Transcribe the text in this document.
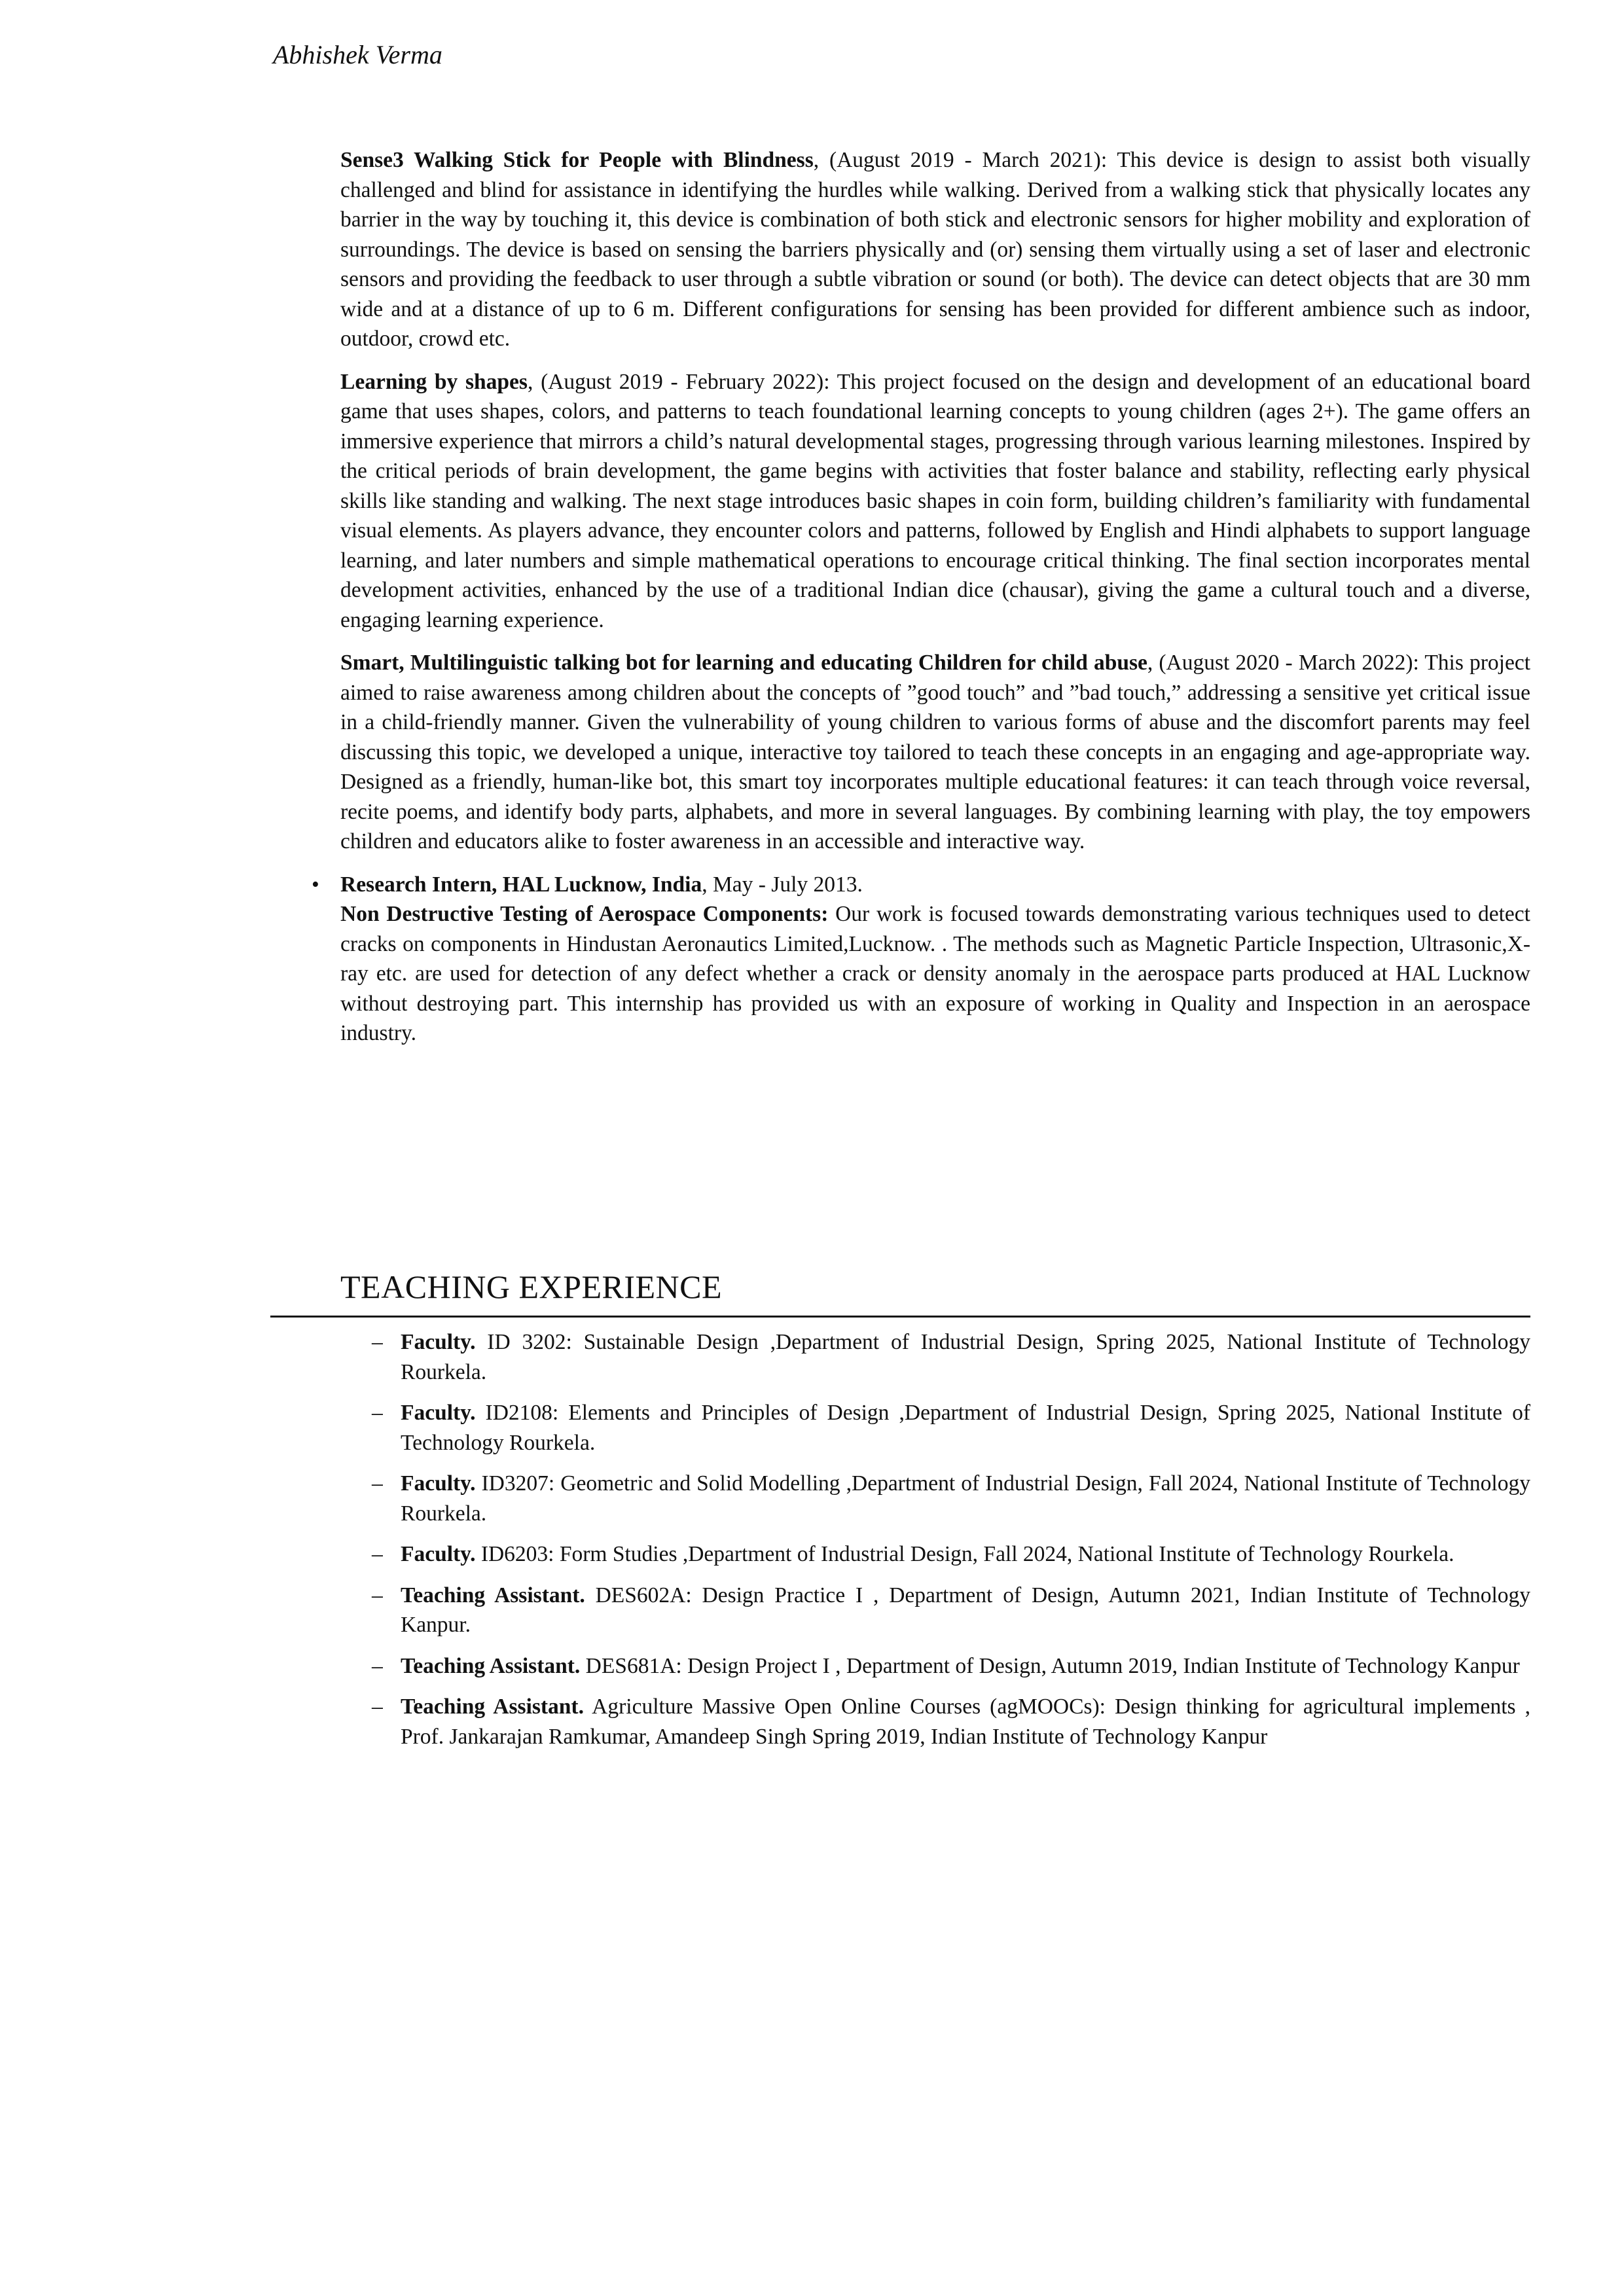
Abhishek Verma

Sense3 Walking Stick for People with Blindness, (August 2019 - March 2021): This device is design to assist both visually challenged and blind for assistance in identifying the hurdles while walking. Derived from a walking stick that physically locates any barrier in the way by touching it, this device is combination of both stick and electronic sensors for higher mobility and exploration of surroundings. The device is based on sensing the barriers physically and (or) sensing them virtually using a set of laser and electronic sensors and providing the feedback to user through a subtle vibration or sound (or both). The device can detect objects that are 30 mm wide and at a distance of up to 6 m. Different configurations for sensing has been provided for different ambience such as indoor, outdoor, crowd etc.

Learning by shapes, (August 2019 - February 2022): This project focused on the design and development of an educational board game that uses shapes, colors, and patterns to teach foundational learning concepts to young children (ages 2+). The game offers an immersive experience that mirrors a child’s natural developmental stages, progressing through various learning milestones. Inspired by the critical periods of brain development, the game begins with activities that foster balance and stability, reflecting early physical skills like standing and walking. The next stage introduces basic shapes in coin form, building children’s familiarity with fundamental visual elements. As players advance, they encounter colors and patterns, followed by English and Hindi alphabets to support language learning, and later numbers and simple mathematical operations to encourage critical thinking. The final section incorporates mental development activities, enhanced by the use of a traditional Indian dice (chausar), giving the game a cultural touch and a diverse, engaging learning experience.

Smart, Multilinguistic talking bot for learning and educating Children for child abuse, (August 2020 - March 2022): This project aimed to raise awareness among children about the concepts of ”good touch” and ”bad touch,” addressing a sensitive yet critical issue in a child-friendly manner. Given the vulnerability of young children to various forms of abuse and the discomfort parents may feel discussing this topic, we developed a unique, interactive toy tailored to teach these concepts in an engaging and age-appropriate way. Designed as a friendly, human-like bot, this smart toy incorporates multiple educational features: it can teach through voice reversal, recite poems, and identify body parts, alphabets, and more in several languages. By combining learning with play, the toy empowers children and educators alike to foster awareness in an accessible and interactive way.

• Research Intern, HAL Lucknow, India, May - July 2013.
Non Destructive Testing of Aerospace Components: Our work is focused towards demonstrating various techniques used to detect cracks on components in Hindustan Aeronautics Limited,Lucknow. . The methods such as Magnetic Particle Inspection, Ultrasonic,X-ray etc. are used for detection of any defect whether a crack or density anomaly in the aerospace parts produced at HAL Lucknow without destroying part. This internship has provided us with an exposure of working in Quality and Inspection in an aerospace industry.
TEACHING EXPERIENCE
– Faculty. ID 3202: Sustainable Design ,Department of Industrial Design, Spring 2025, National Institute of Technology Rourkela.
– Faculty. ID2108: Elements and Principles of Design ,Department of Industrial Design, Spring 2025, National Institute of Technology Rourkela.
– Faculty. ID3207: Geometric and Solid Modelling ,Department of Industrial Design, Fall 2024, National Institute of Technology Rourkela.
– Faculty. ID6203: Form Studies ,Department of Industrial Design, Fall 2024, National Institute of Technology Rourkela.
– Teaching Assistant. DES602A: Design Practice I , Department of Design, Autumn 2021, Indian Institute of Technology Kanpur.
– Teaching Assistant. DES681A: Design Project I , Department of Design, Autumn 2019, Indian Institute of Technology Kanpur
– Teaching Assistant. Agriculture Massive Open Online Courses (agMOOCs): Design thinking for agricultural implements , Prof. Jankarajan Ramkumar, Amandeep Singh Spring 2019, Indian Institute of Technology Kanpur
